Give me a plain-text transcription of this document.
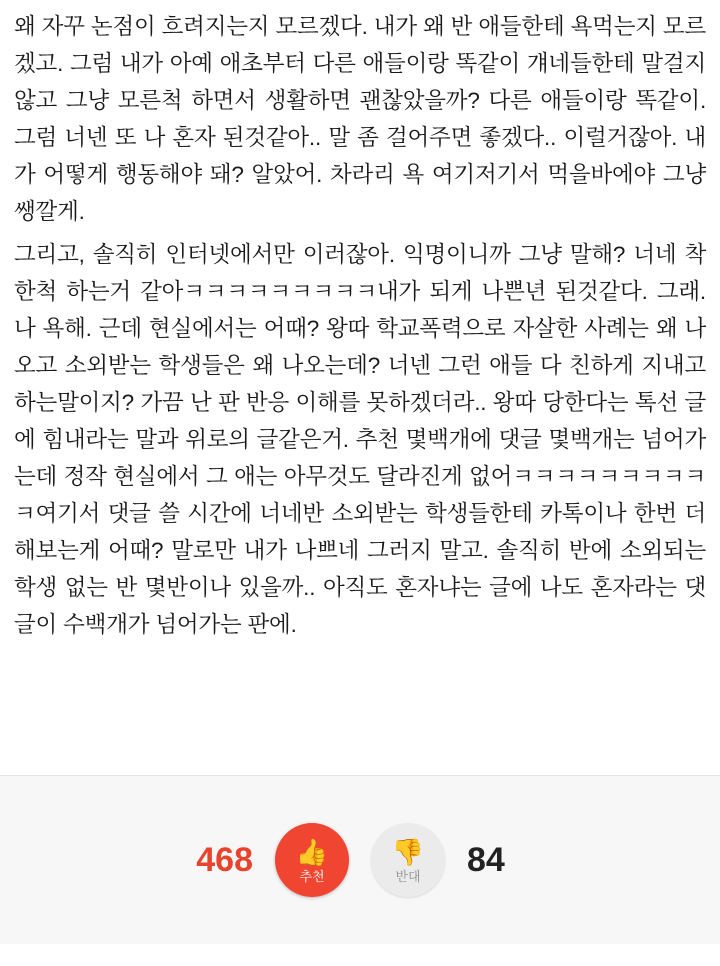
왜 자꾸 논점이 흐려지는지 모르겠다. 내가 왜 반 애들한테 욕먹는지 모르겠고. 그럼 내가 아예 애초부터 다른 애들이랑 똑같이 걔네들한테 말걸지 않고 그냥 모른척 하면서 생활하면 괜찮았을까? 다른 애들이랑 똑같이. 그럼 너넨 또 나 혼자 된것같아.. 말 좀 걸어주면 좋겠다.. 이럴거잖아. 내가 어떻게 행동해야 돼? 알았어. 차라리 욕 여기저기서 먹을바에야 그냥 쌩깔게.

그리고, 솔직히 인터넷에서만 이러잖아. 익명이니까 그냥 말해? 너네 착한척 하는거 같아ㅋㅋㅋㅋㅋㅋㅋㅋㅋ내가 되게 나쁜년 된것같다. 그래. 나 욕해. 근데 현실에서는 어때? 왕따 학교폭력으로 자살한 사례는 왜 나오고 소외받는 학생들은 왜 나오는데? 너넨 그런 애들 다 친하게 지내고 하는말이지? 가끔 난 판 반응 이해를 못하겠더라.. 왕따 당한다는 톡선 글에 힘내라는 말과 위로의 글같은거. 추천 몇백개에 댓글 몇백개는 넘어가는데 정작 현실에서 그 애는 아무것도 달라진게 없어ㅋㅋㅋㅋㅋㅋㅋㅋㅋㅋ여기서 댓글 쓸 시간에 너네반 소외받는 학생들한테 카톡이나 한번 더 해보는게 어때? 말로만 내가 나쁘네 그러지 말고. 솔직히 반에 소외되는 학생 없는 반 몇반이나 있을까.. 아직도 혼자냐는 글에 나도 혼자라는 댓글이 수백개가 넘어가는 판에.

468 👍
추천
👎
반대 84
